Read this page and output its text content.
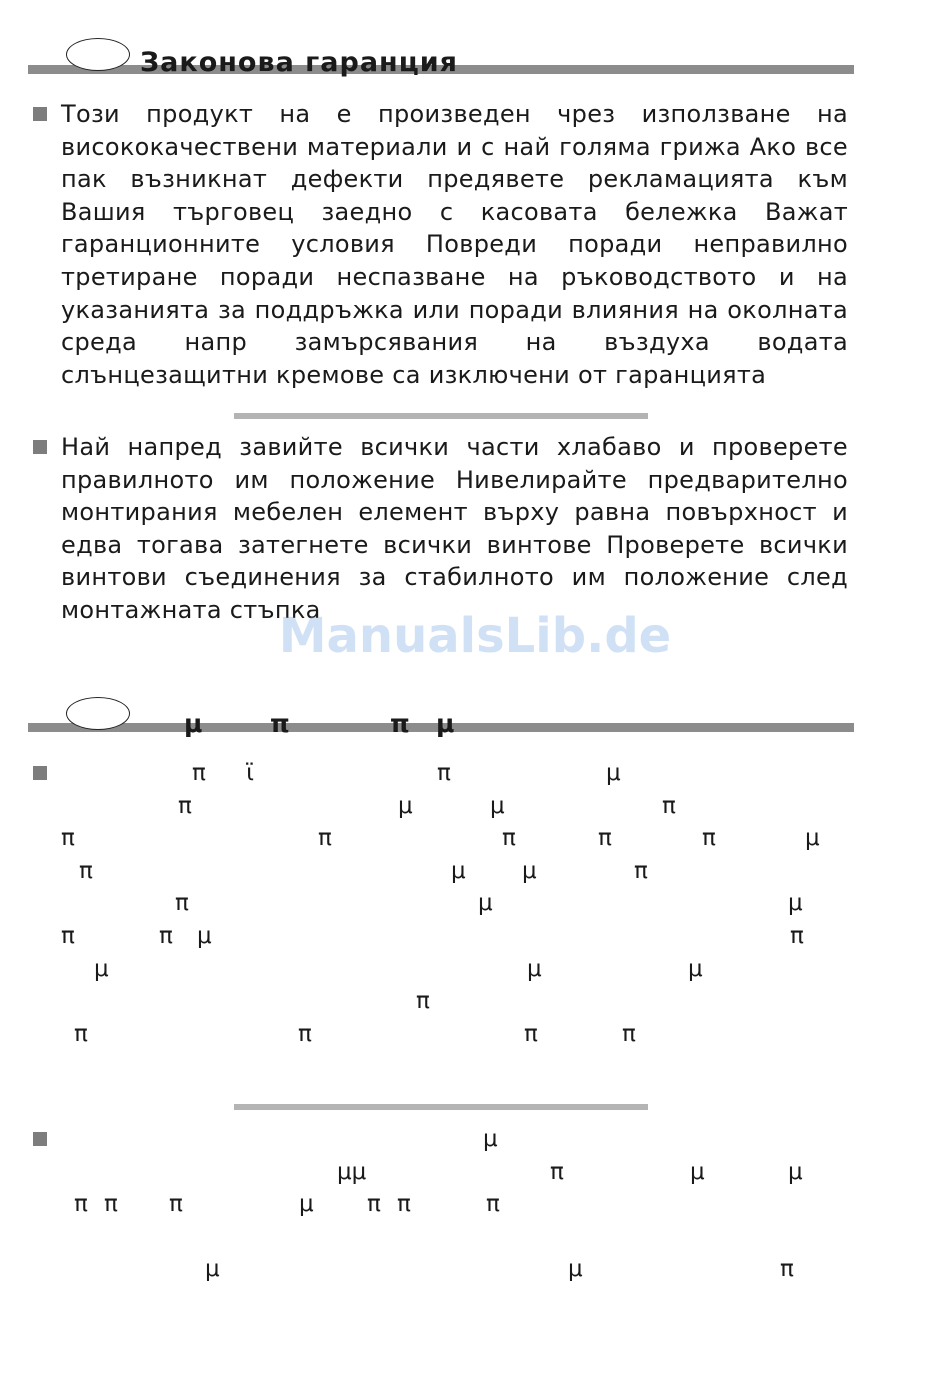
Законова гаранция

Този продукт на е произведен чрез използване на висококачествени материали и с най голяма грижа Ако все пак възникнат дефекти предявете рекламацията към Вашия търговец заедно с касовата бележка Важат гаранционните условия Повреди поради неправилно третиране поради неспазване на ръководството и на указанията за поддръжка или поради влияния на околната среда напр замърсявания на въздуха водата слънцезащитни кремове са изключени от гаранцията

Най напред завийте всички части хлабаво и проверете правилното им положение Нивелирайте предварително монтирания мебелен елемент върху равна повърхност и едва тогава затегнете всички винтове Проверете всички винтови съединения за стабилното им положение след монтажната стъпка

ManualsLib.de
μ	π	π μ
π ϊ	π	μ
π	μ	μ	π
π	π	π	π	π	μ
π	μ μ	π
π	μ	μ
π	π μ	π
μ	μ	μ
π
π	π	π	π
μ
μμ	π	μ	μ
π π π	μ π π	π
μ	μ	π
